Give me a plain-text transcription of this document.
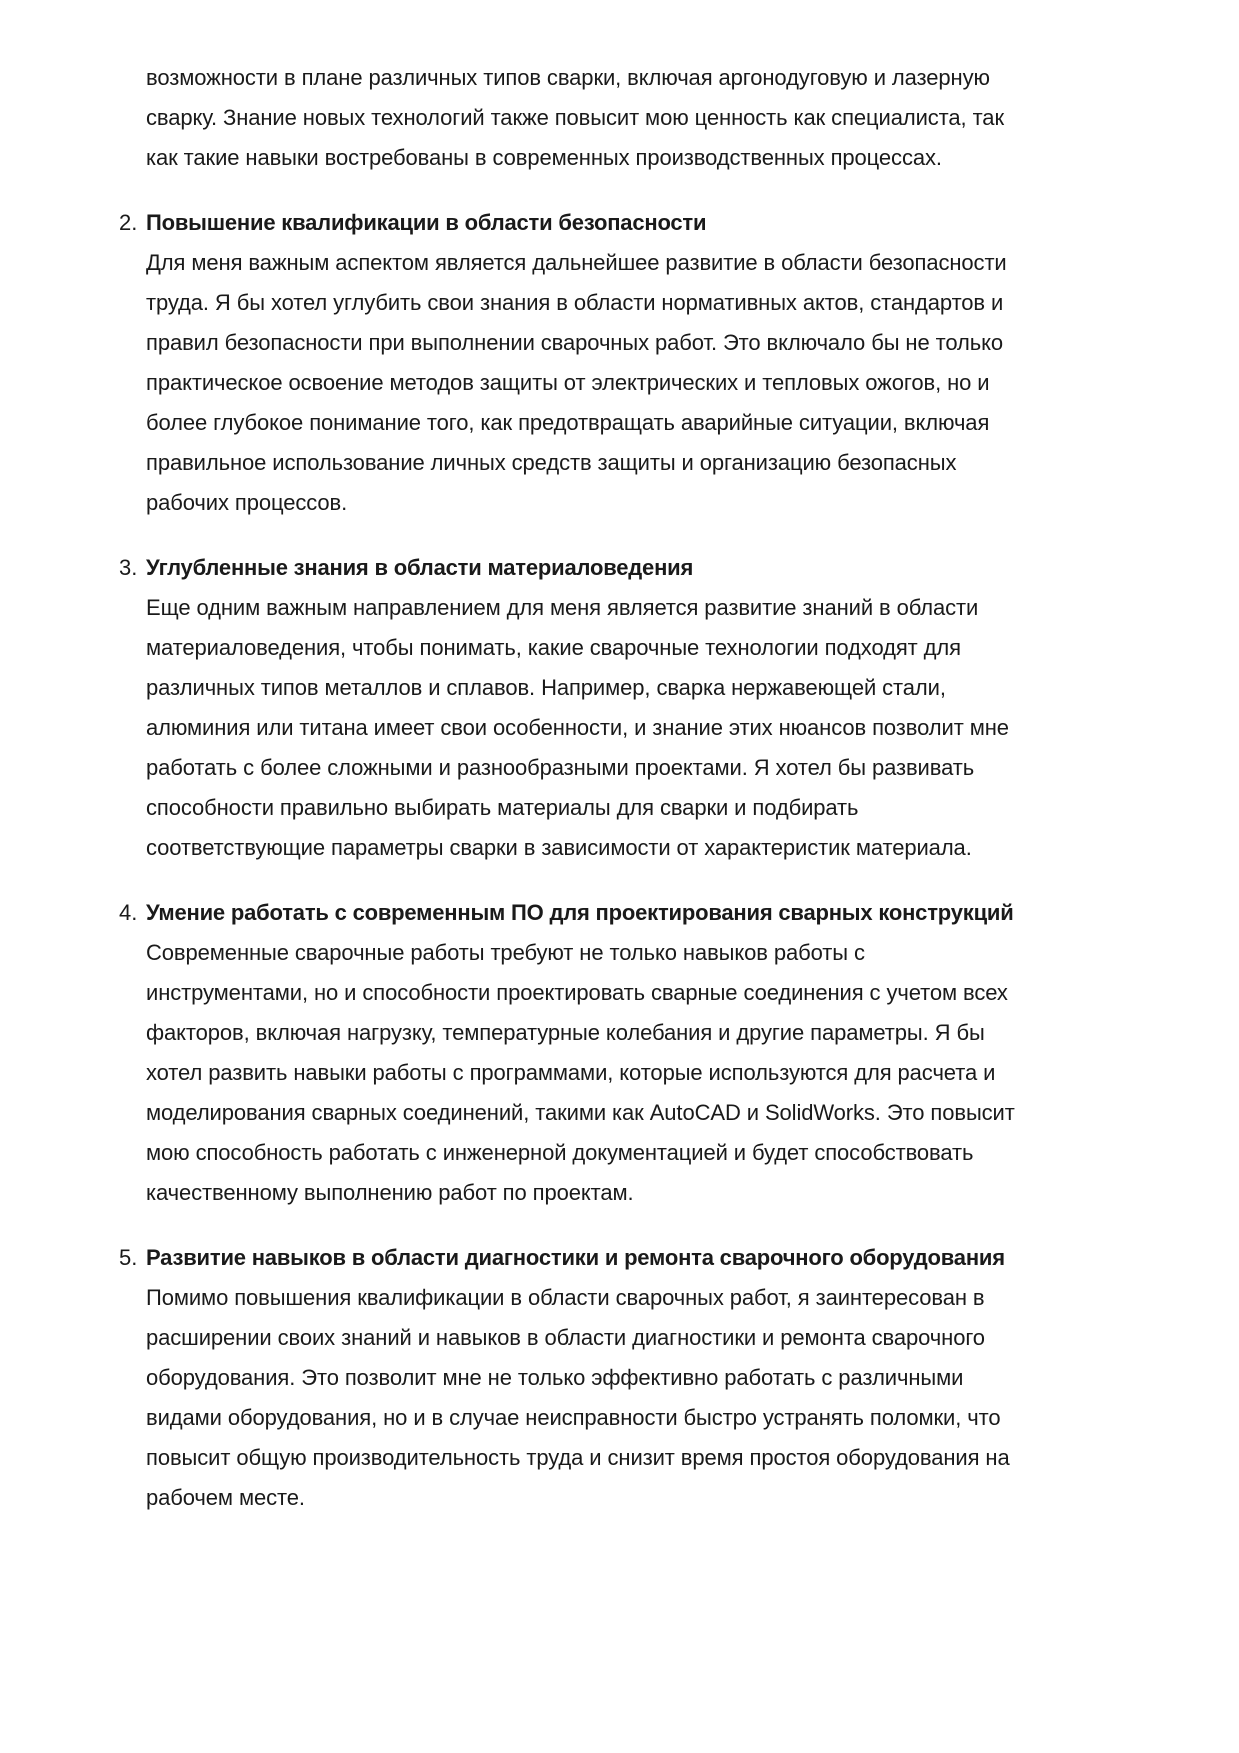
возможности в плане различных типов сварки, включая аргонодуговую и лазерную
сварку. Знание новых технологий также повысит мою ценность как специалиста, так
как такие навыки востребованы в современных производственных процессах.

2. Повышение квалификации в области безопасности

Для меня важным аспектом является дальнейшее развитие в области безопасности
труда. Я бы хотел углубить свои знания в области нормативных актов, стандартов и
правил безопасности при выполнении сварочных работ. Это включало бы не только
практическое освоение методов защиты от электрических и тепловых ожогов, но и
более глубокое понимание того, как предотвращать аварийные ситуации, включая
правильное использование личных средств защиты и организацию безопасных
рабочих процессов.

3. Углубленные знания в области материаловедения

Еще одним важным направлением для меня является развитие знаний в области
материаловедения, чтобы понимать, какие сварочные технологии подходят для
различных типов металлов и сплавов. Например, сварка нержавеющей стали,
алюминия или титана имеет свои особенности, и знание этих нюансов позволит мне
работать с более сложными и разнообразными проектами. Я хотел бы развивать
способности правильно выбирать материалы для сварки и подбирать
соответствующие параметры сварки в зависимости от характеристик материала.

4. Умение работать с современным ПО для проектирования сварных конструкций

Современные сварочные работы требуют не только навыков работы с
инструментами, но и способности проектировать сварные соединения с учетом всех
факторов, включая нагрузку, температурные колебания и другие параметры. Я бы
хотел развить навыки работы с программами, которые используются для расчета и
моделирования сварных соединений, такими как AutoCAD и SolidWorks. Это повысит
мою способность работать с инженерной документацией и будет способствовать
качественному выполнению работ по проектам.

5. Развитие навыков в области диагностики и ремонта сварочного оборудования

Помимо повышения квалификации в области сварочных работ, я заинтересован в
расширении своих знаний и навыков в области диагностики и ремонта сварочного
оборудования. Это позволит мне не только эффективно работать с различными
видами оборудования, но и в случае неисправности быстро устранять поломки, что
повысит общую производительность труда и снизит время простоя оборудования на
рабочем месте.
